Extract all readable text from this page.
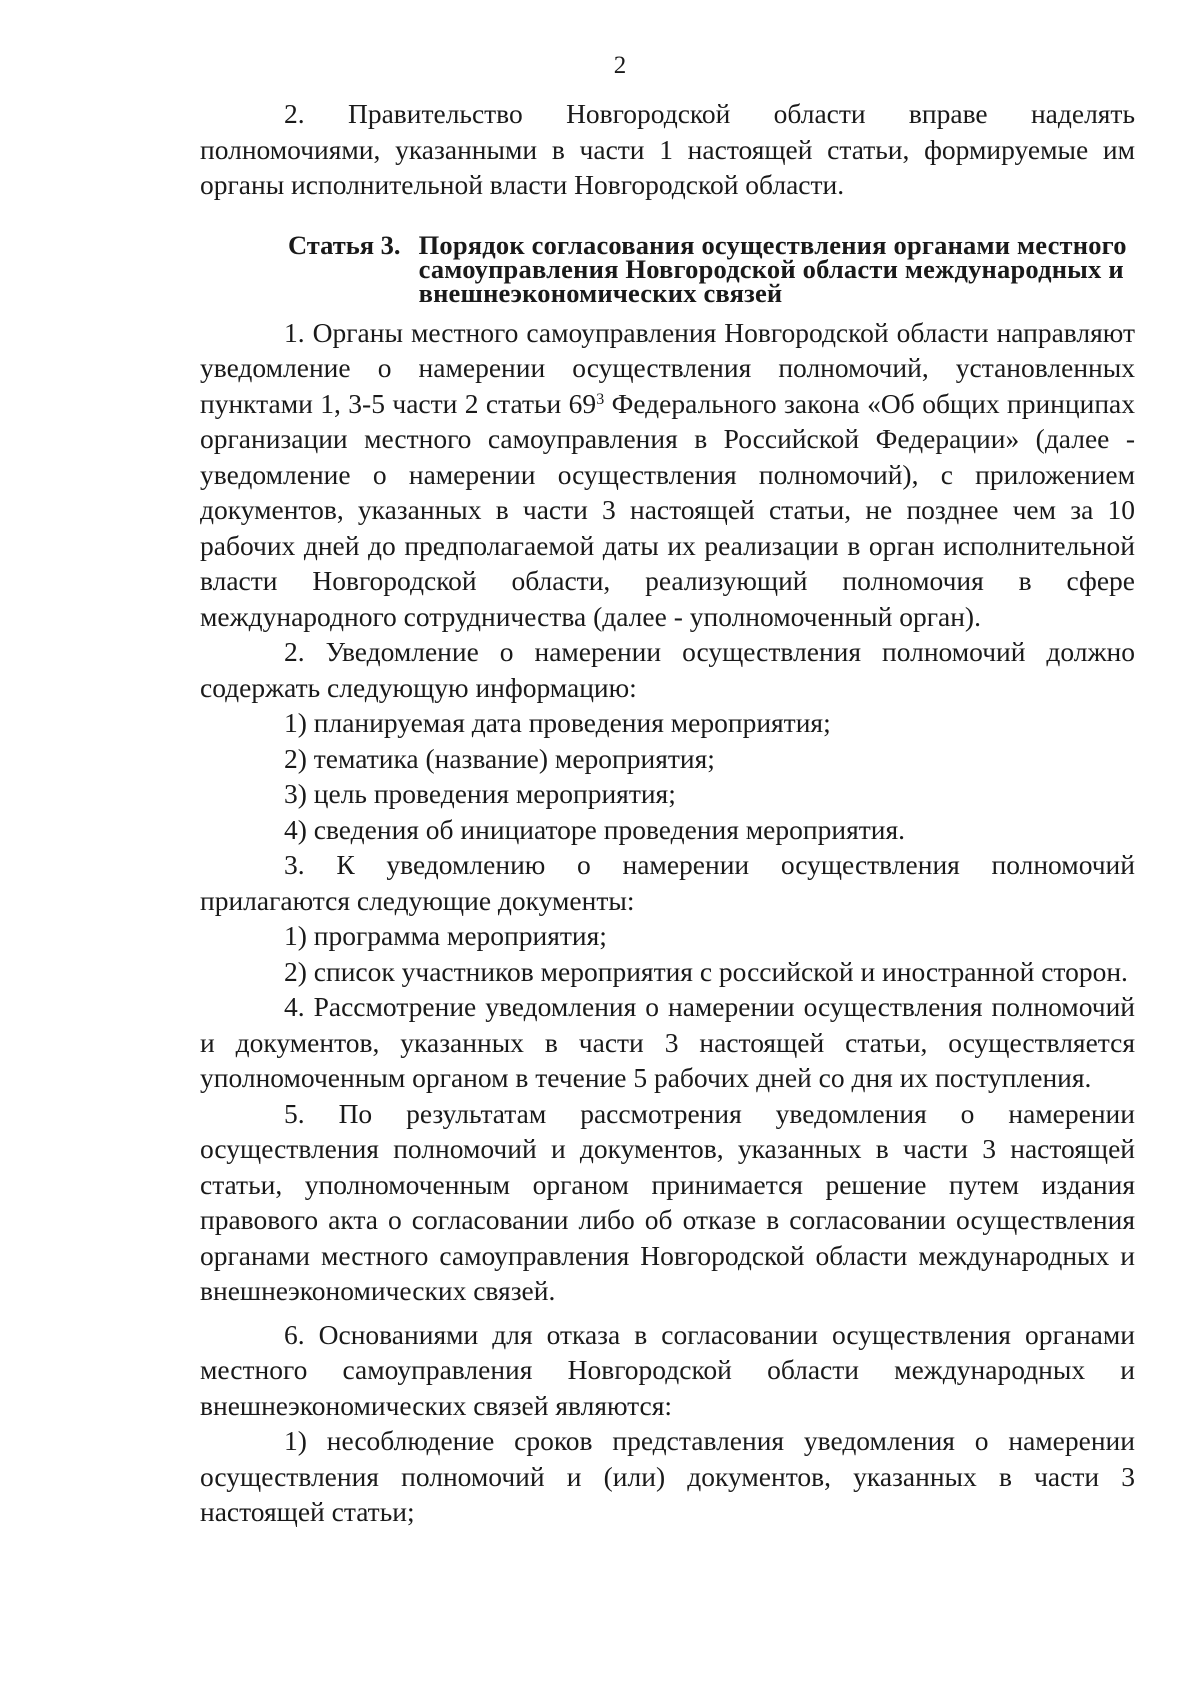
2

2. Правительство Новгородской области вправе наделять полномочиями, указанными в части 1 настоящей статьи, формируемые им органы исполнительной власти Новгородской области.

Статья 3. Порядок согласования осуществления органами местного самоуправления Новгородской области международных и внешнеэкономических связей

1. Органы местного самоуправления Новгородской области направляют уведомление о намерении осуществления полномочий, установленных пунктами 1, 3-5 части 2 статьи $69^3$ Федерального закона «Об общих принципах организации местного самоуправления в Российской Федерации» (далее - уведомление о намерении осуществления полномочий), с приложением документов, указанных в части 3 настоящей статьи, не позднее чем за 10 рабочих дней до предполагаемой даты их реализации в орган исполнительной власти Новгородской области, реализующий полномочия в сфере международного сотрудничества (далее - уполномоченный орган).

2. Уведомление о намерении осуществления полномочий должно содержать следующую информацию:

1) планируемая дата проведения мероприятия;

2) тематика (название) мероприятия;

3) цель проведения мероприятия;

4) сведения об инициаторе проведения мероприятия.

3. К уведомлению о намерении осуществления полномочий прилагаются следующие документы:

1) программа мероприятия;

2) список участников мероприятия с российской и иностранной сторон.

4. Рассмотрение уведомления о намерении осуществления полномочий и документов, указанных в части 3 настоящей статьи, осуществляется уполномоченным органом в течение 5 рабочих дней со дня их поступления.

5. По результатам рассмотрения уведомления о намерении осуществления полномочий и документов, указанных в части 3 настоящей статьи, уполномоченным органом принимается решение путем издания правового акта о согласовании либо об отказе в согласовании осуществления органами местного самоуправления Новгородской области международных и внешнеэкономических связей.

6. Основаниями для отказа в согласовании осуществления органами местного самоуправления Новгородской области международных и внешнеэкономических связей являются:

1) несоблюдение сроков представления уведомления о намерении осуществления полномочий и (или) документов, указанных в части 3 настоящей статьи;
